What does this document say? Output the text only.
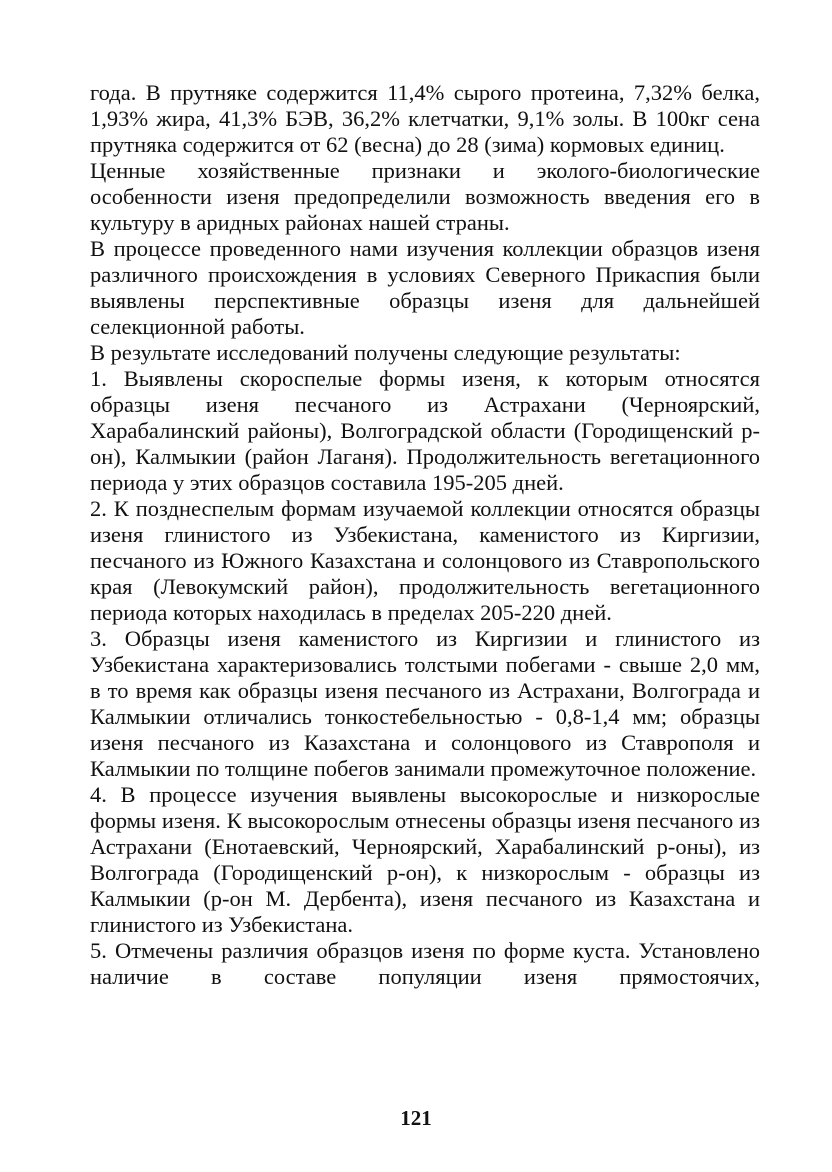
года. В прутняке содержится 11,4% сырого протеина, 7,32% белка, 1,93% жира, 41,3% БЭВ, 36,2% клетчатки, 9,1% золы. В 100кг сена прутняка содержится от 62 (весна) до 28 (зима) кормовых единиц.

Ценные хозяйственные признаки и эколого-биологические особенности изеня предопределили возможность введения его в культуру в аридных районах нашей страны.

В процессе проведенного нами изучения коллекции образцов изеня различного происхождения в условиях Северного Прикаспия были выявлены перспективные образцы изеня для дальнейшей селекционной работы.

В результате исследований получены следующие результаты:

1. Выявлены скороспелые формы изеня, к которым относятся образцы изеня песчаного из Астрахани (Черноярский, Харабалинский районы), Волгоградской области (Городищенский р-он), Калмыкии (район Лаганя). Продолжительность вегетационного периода у этих образцов составила 195-205 дней.

2. К позднеспелым формам изучаемой коллекции относятся образцы изеня глинистого из Узбекистана, каменистого из Киргизии, песчаного из Южного Казахстана и солонцового из Ставропольского края (Левокумский район), продолжительность вегетационного периода которых находилась в пределах 205-220 дней.

3. Образцы изеня каменистого из Киргизии и глинистого из Узбекистана характеризовались толстыми побегами - свыше 2,0 мм, в то время как образцы изеня песчаного из Астрахани, Волгограда и Калмыкии отличались тонкостебельностью - 0,8-1,4 мм; образцы изеня песчаного из Казахстана и солонцового из Ставрополя и Калмыкии по толщине побегов занимали промежуточное положение.

4. В процессе изучения выявлены высокорослые и низкорослые формы изеня. К высокорослым отнесены образцы изеня песчаного из Астрахани (Енотаевский, Черноярский, Харабалинский р-оны), из Волгограда (Городищенский р-он), к низкорослым - образцы из Калмыкии (р-он М. Дербента), изеня песчаного из Казахстана и глинистого из Узбекистана.

5. Отмечены различия образцов изеня по форме куста. Установлено наличие в составе популяции изеня прямостоячих,

121
